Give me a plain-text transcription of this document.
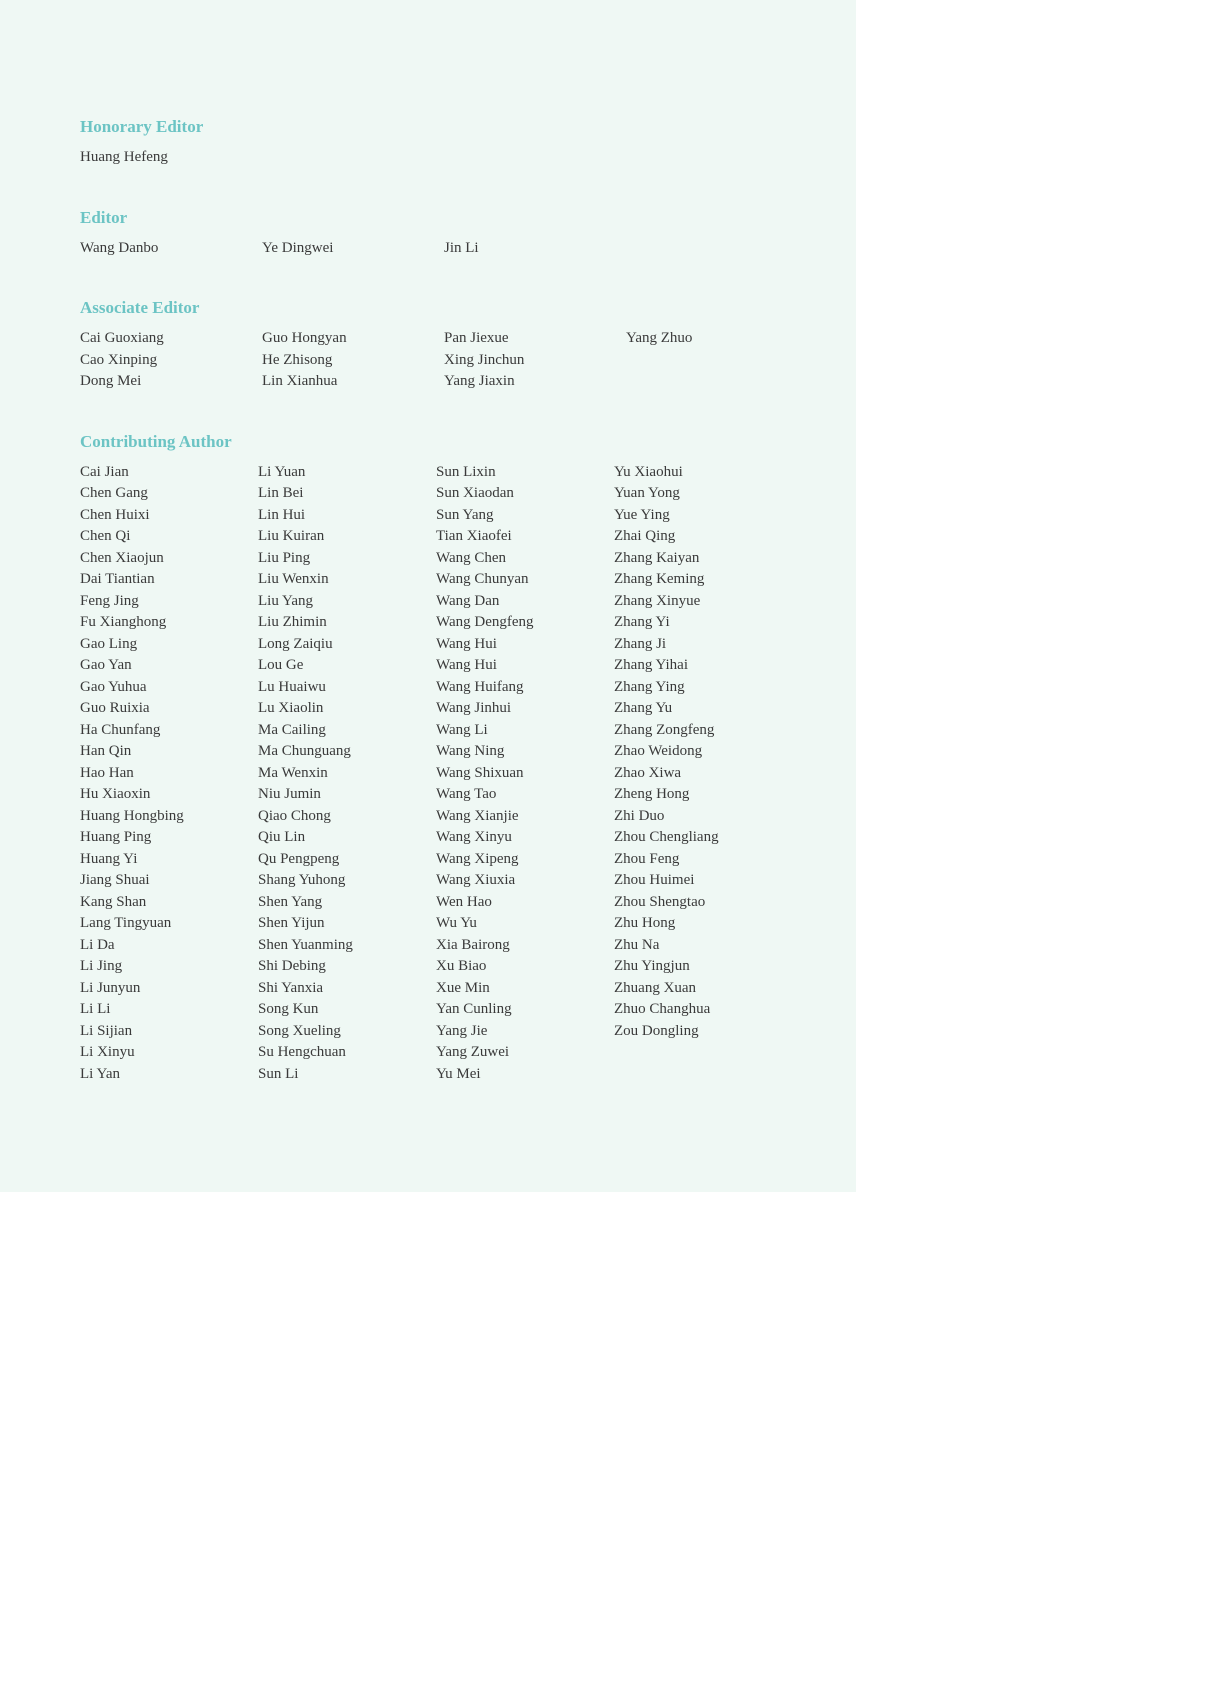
Honorary Editor
Huang Hefeng
Editor
Wang Danbo	Ye Dingwei	Jin Li
Associate Editor
Cai Guoxiang	Guo Hongyan	Pan Jiexue	Yang Zhuo
Cao Xinping	He Zhisong	Xing Jinchun
Dong Mei	Lin Xianhua	Yang Jiaxin
Contributing Author
Cai Jian	Li Yuan	Sun Lixin	Yu Xiaohui
Chen Gang	Lin Bei	Sun Xiaodan	Yuan Yong
Chen Huixi	Lin Hui	Sun Yang	Yue Ying
Chen Qi	Liu Kuiran	Tian Xiaofei	Zhai Qing
Chen Xiaojun	Liu Ping	Wang Chen	Zhang Kaiyan
Dai Tiantian	Liu Wenxin	Wang Chunyan	Zhang Keming
Feng Jing	Liu Yang	Wang Dan	Zhang Xinyue
Fu Xianghong	Liu Zhimin	Wang Dengfeng	Zhang Yi
Gao Ling	Long Zaiqiu	Wang Hui	Zhang Ji
Gao Yan	Lou Ge	Wang Hui	Zhang Yihai
Gao Yuhua	Lu Huaiwu	Wang Huifang	Zhang Ying
Guo Ruixia	Lu Xiaolin	Wang Jinhui	Zhang Yu
Ha Chunfang	Ma Cailing	Wang Li	Zhang Zongfeng
Han Qin	Ma Chunguang	Wang Ning	Zhao Weidong
Hao Han	Ma Wenxin	Wang Shixuan	Zhao Xiwa
Hu Xiaoxin	Niu Jumin	Wang Tao	Zheng Hong
Huang Hongbing	Qiao Chong	Wang Xianjie	Zhi Duo
Huang Ping	Qiu Lin	Wang Xinyu	Zhou Chengliang
Huang Yi	Qu Pengpeng	Wang Xipeng	Zhou Feng
Jiang Shuai	Shang Yuhong	Wang Xiuxia	Zhou Huimei
Kang Shan	Shen Yang	Wen Hao	Zhou Shengtao
Lang Tingyuan	Shen Yijun	Wu Yu	Zhu Hong
Li Da	Shen Yuanming	Xia Bairong	Zhu Na
Li Jing	Shi Debing	Xu Biao	Zhu Yingjun
Li Junyun	Shi Yanxia	Xue Min	Zhuang Xuan
Li Li	Song Kun	Yan Cunling	Zhuo Changhua
Li Sijian	Song Xueling	Yang Jie	Zou Dongling
Li Xinyu	Su Hengchuan	Yang Zuwei
Li Yan	Sun Li	Yu Mei
